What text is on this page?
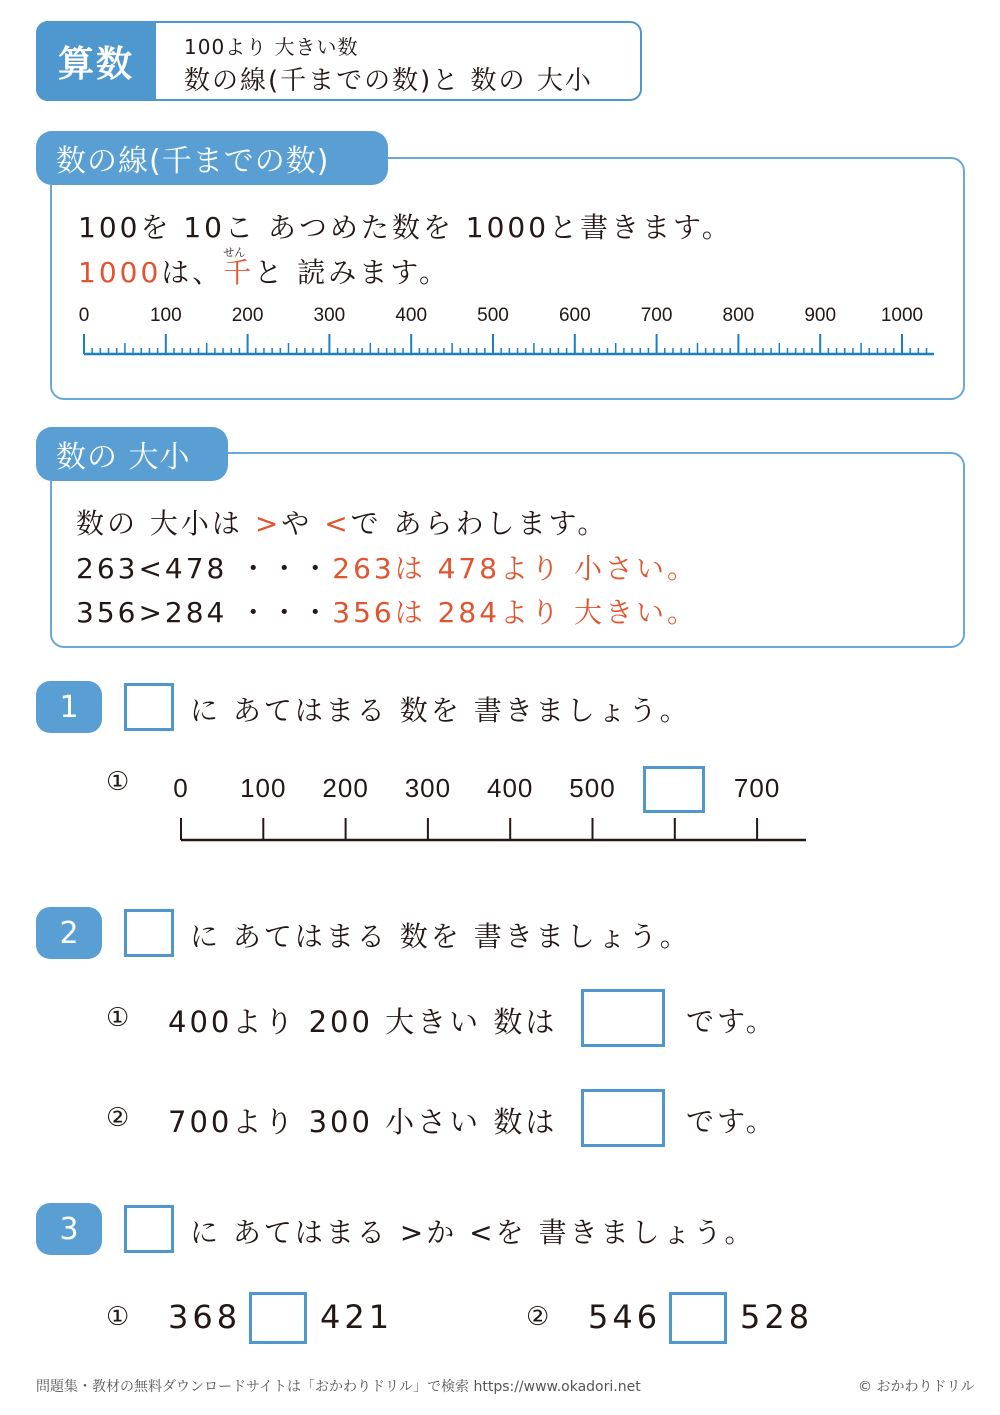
算数	100より 大きい数
数の線(千までの数)と 数の 大小
数の線(千までの数)
100を 10こ あつめた数を 1000と書きます。
1000は、
せん
千と 読みます。
0	100	200	300	400	500	600	700	800	900 1000
数の 大小
数の 大小は >や <で あらわします。
263<478 ・・・263は 478より 小さい。
356>284 ・・・356は 284より 大きい。
1	に あてはまる 数を 書きましょう。
① 0 100 200 300 400 500	700
2	に あてはまる 数を 書きましょう。
① 400より 200 大きい 数は	です。
② 700より 300 小さい 数は	です。
3	に あてはまる >か <を 書きましょう。
① 368 421	② 546 528
問題集・教材の無料ダウンロードサイトは「おかわりドリル」で検索 https://www.okadori.net	© おかわりドリル
